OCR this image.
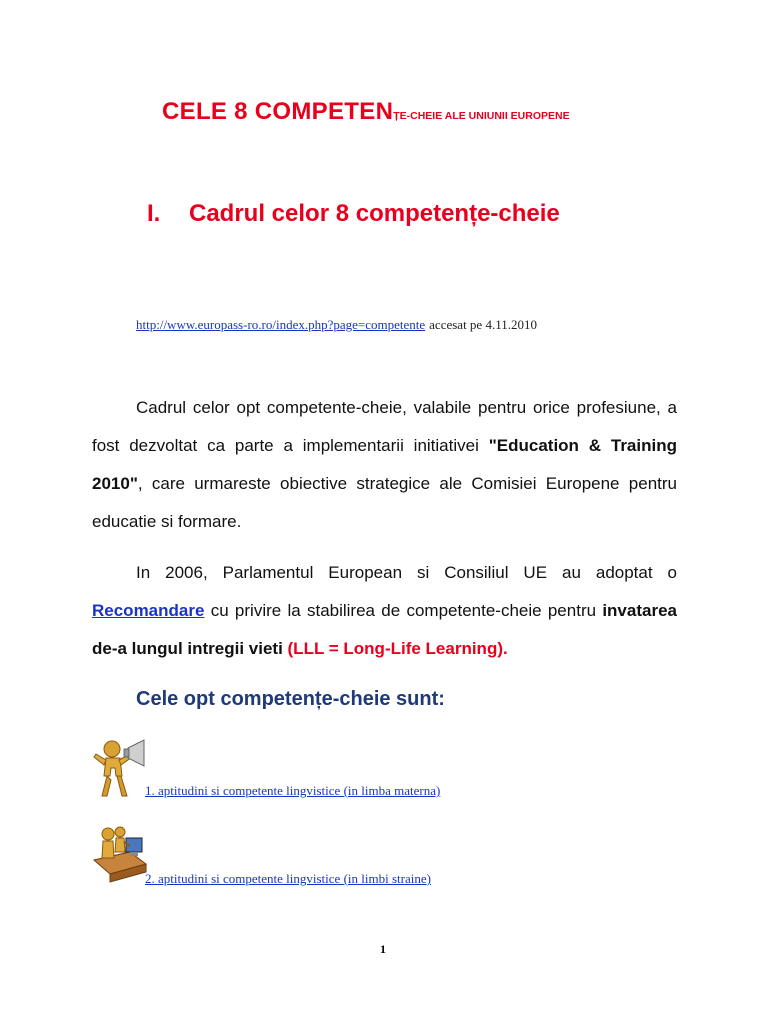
CELE 8 COMPETENȚE-CHEIE ALE UNIUNII EUROPENE
I. Cadrul celor 8 competențe-cheie
http://www.europass-ro.ro/index.php?page=competente accesat pe 4.11.2010

Cadrul celor opt competente-cheie, valabile pentru orice profesiune, a fost dezvoltat ca parte a implementarii initiativei "Education & Training 2010", care urmareste obiective strategice ale Comisiei Europene pentru educatie si formare.

In 2006, Parlamentul European si Consiliul UE au adoptat o Recomandare cu privire la stabilirea de competente-cheie pentru invatarea de-a lungul intregii vieti (LLL = Long-Life Learning).

Cele opt competențe-cheie sunt:
1. aptitudini si competente lingvistice (in limba materna)
2. aptitudini si competente lingvistice (in limbi straine)
1
